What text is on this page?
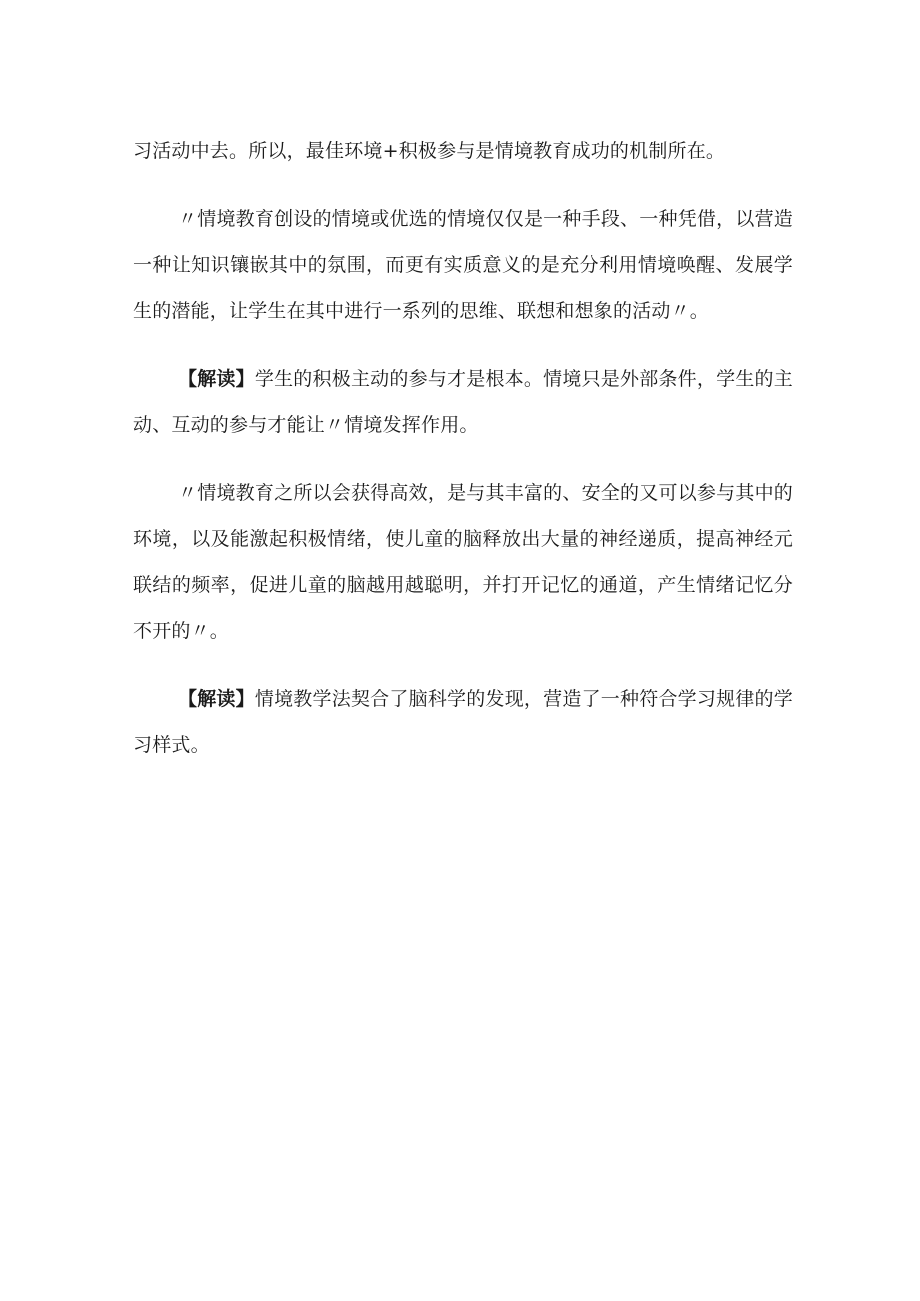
习活动中去。所以，最佳环境+积极参与是情境教育成功的机制所在。

〃情境教育创设的情境或优选的情境仅仅是一种手段、一种凭借，以营造一种让知识镶嵌其中的氛围，而更有实质意义的是充分利用情境唤醒、发展学生的潜能，让学生在其中进行一系列的思维、联想和想象的活动〃。

【解读】学生的积极主动的参与才是根本。情境只是外部条件，学生的主动、互动的参与才能让〃情境发挥作用。

〃情境教育之所以会获得高效，是与其丰富的、安全的又可以参与其中的环境，以及能激起积极情绪，使儿童的脑释放出大量的神经递质，提高神经元联结的频率，促进儿童的脑越用越聪明，并打开记忆的通道，产生情绪记忆分不开的〃。

【解读】情境教学法契合了脑科学的发现，营造了一种符合学习规律的学习样式。
